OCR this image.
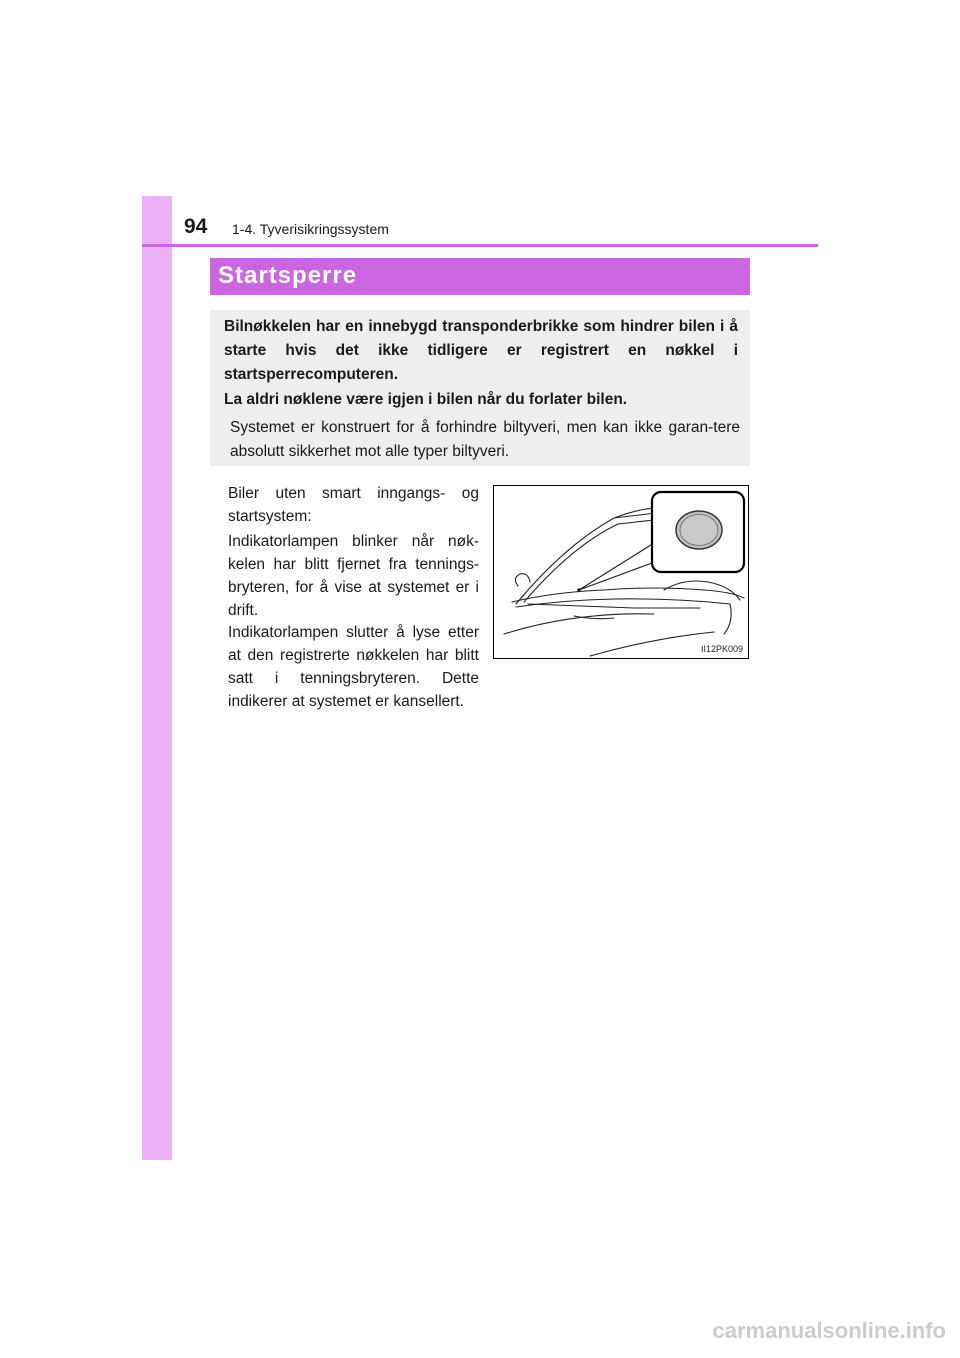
94 1-4. Tyverisikringssystem
Startsperre
Bilnøkkelen har en innebygd transponderbrikke som hindrer bilen i å starte hvis det ikke tidligere er registrert en nøkkel i startsperrecomputeren.
La aldri nøklene være igjen i bilen når du forlater bilen.
Systemet er konstruert for å forhindre biltyveri, men kan ikke garan-tere absolutt sikkerhet mot alle typer biltyveri.
Biler uten smart inngangs- og startsystem:
Indikatorlampen blinker når nøk-kelen har blitt fjernet fra tennings-bryteren, for å vise at systemet er i drift.
Indikatorlampen slutter å lyse etter at den registrerte nøkkelen har blitt satt i tenningsbryteren. Dette indikerer at systemet er kansellert.
II12PK009
carmanualsonline.info
